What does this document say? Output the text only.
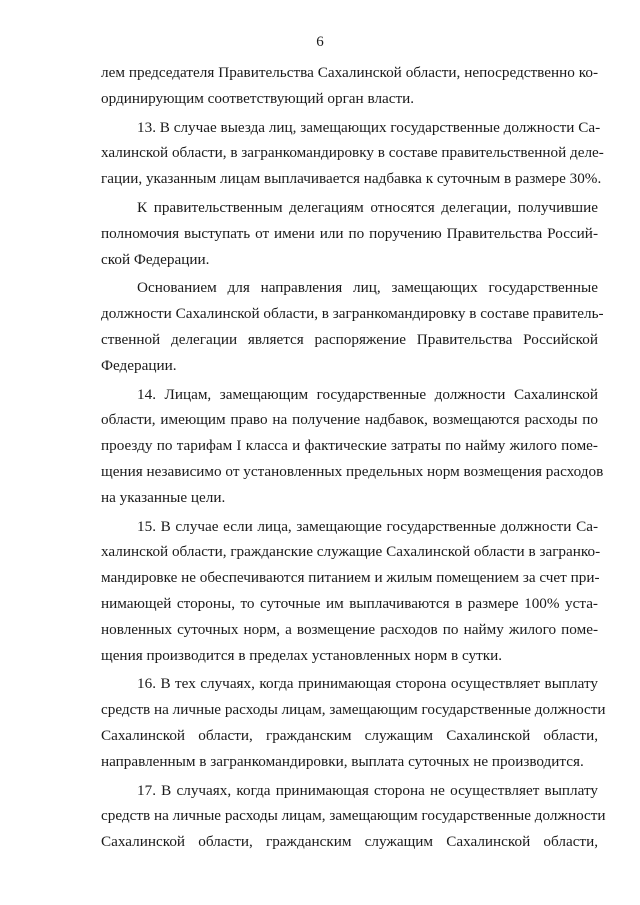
6
лем председателя Правительства Сахалинской области, непосредственно ко-
ординирующим соответствующий орган власти.
13. В случае выезда лиц, замещающих государственные должности Са-
халинской области, в загранкомандировку в составе правительственной деле-
гации, указанным лицам выплачивается надбавка к суточным в размере 30%.
К правительственным делегациям относятся делегации, получившие
полномочия выступать от имени или по поручению Правительства Россий-
ской Федерации.
Основанием для направления лиц, замещающих государственные
должности Сахалинской области, в загранкомандировку в составе правитель-
ственной делегации является распоряжение Правительства Российской
Федерации.
14. Лицам, замещающим государственные должности Сахалинской
области, имеющим право на получение надбавок, возмещаются расходы по
проезду по тарифам I класса и фактические затраты по найму жилого поме-
щения независимо от установленных предельных норм возмещения расходов
на указанные цели.
15. В случае если лица, замещающие государственные должности Са-
халинской области, гражданские служащие Сахалинской области в загранко-
мандировке не обеспечиваются питанием и жилым помещением за счет при-
нимающей стороны, то суточные им выплачиваются в размере 100% уста-
новленных суточных норм, а возмещение расходов по найму жилого поме-
щения производится в пределах установленных норм в сутки.
16. В тех случаях, когда принимающая сторона осуществляет выплату
средств на личные расходы лицам, замещающим государственные должности
Сахалинской области, гражданским служащим Сахалинской области,
направленным в загранкомандировки, выплата суточных не производится.
17. В случаях, когда принимающая сторона не осуществляет выплату
средств на личные расходы лицам, замещающим государственные должности
Сахалинской области, гражданским служащим Сахалинской области,
